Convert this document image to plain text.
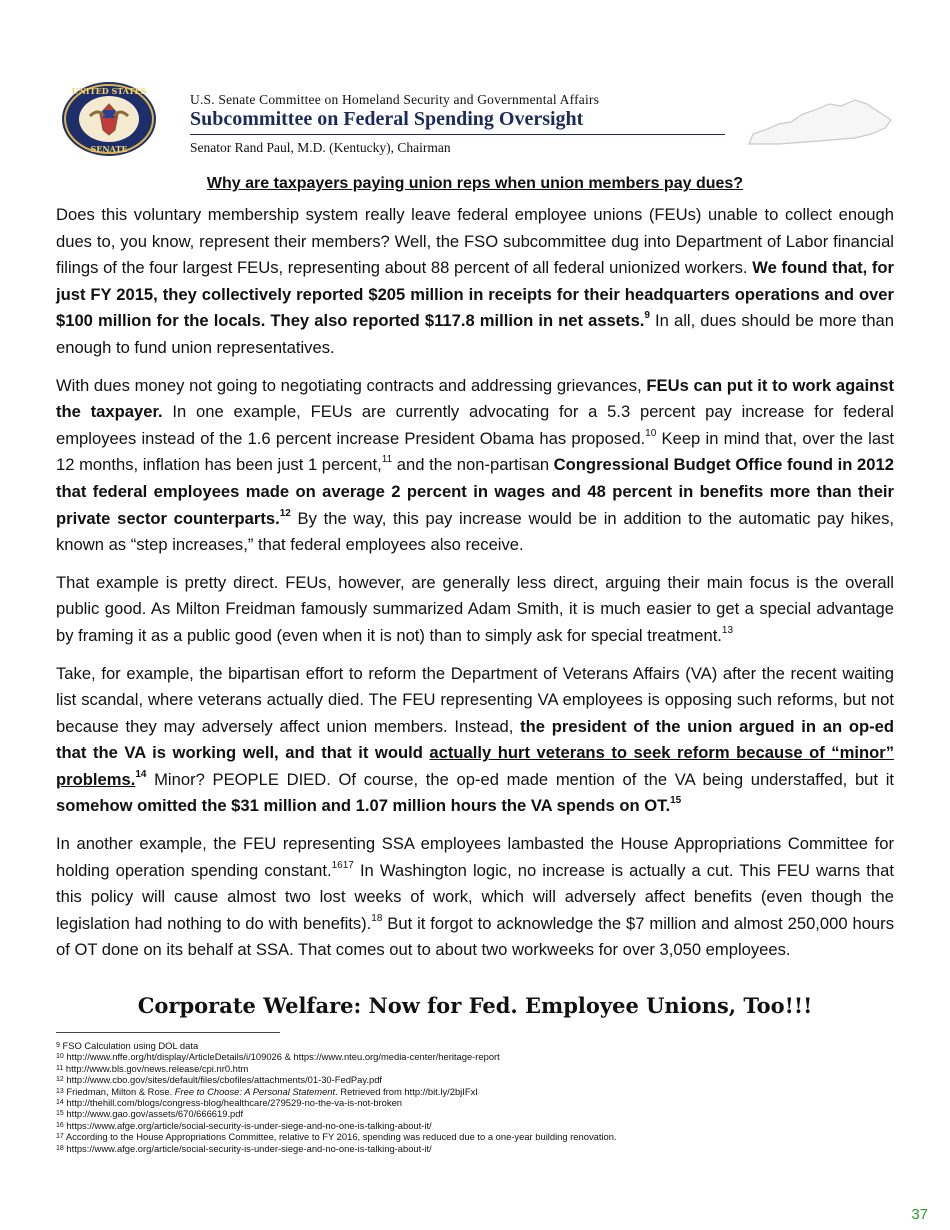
UNITED STATES
SENATE
U.S. Senate Committee on Homeland Security and Governmental Affairs
Subcommittee on Federal Spending Oversight
Senator Rand Paul, M.D. (Kentucky), Chairman
Why are taxpayers paying union reps when union members pay dues?

Does this voluntary membership system really leave federal employee unions (FEUs) unable to collect enough dues to, you know, represent their members? Well, the FSO subcommittee dug into Department of Labor financial filings of the four largest FEUs, representing about 88 percent of all federal unionized workers. We found that, for just FY 2015, they collectively reported $205 million in receipts for their headquarters operations and over $100 million for the locals. They also reported $117.8 million in net assets.$^9$ In all, dues should be more than enough to fund union representatives.

With dues money not going to negotiating contracts and addressing grievances, FEUs can put it to work against the taxpayer. In one example, FEUs are currently advocating for a 5.3 percent pay increase for federal employees instead of the 1.6 percent increase President Obama has proposed.$^{10}$ Keep in mind that, over the last 12 months, inflation has been just 1 percent,$^{11}$ and the non-partisan Congressional Budget Office found in 2012 that federal employees made on average 2 percent in wages and 48 percent in benefits more than their private sector counterparts.$^{12}$ By the way, this pay increase would be in addition to the automatic pay hikes, known as “step increases,” that federal employees also receive.

That example is pretty direct. FEUs, however, are generally less direct, arguing their main focus is the overall public good. As Milton Freidman famously summarized Adam Smith, it is much easier to get a special advantage by framing it as a public good (even when it is not) than to simply ask for special treatment.$^{13}$

Take, for example, the bipartisan effort to reform the Department of Veterans Affairs (VA) after the recent waiting list scandal, where veterans actually died. The FEU representing VA employees is opposing such reforms, but not because they may adversely affect union members. Instead, the president of the union argued in an op-ed that the VA is working well, and that it would actually hurt veterans to seek reform because of “minor” problems.$^{14}$ Minor? PEOPLE DIED. Of course, the op-ed made mention of the VA being understaffed, but it somehow omitted the $31 million and 1.07 million hours the VA spends on OT.$^{15}$

In another example, the FEU representing SSA employees lambasted the House Appropriations Committee for holding operation spending constant.$^{1617}$ In Washington logic, no increase is actually a cut. This FEU warns that this policy will cause almost two lost weeks of work, which will adversely affect benefits (even though the legislation had nothing to do with benefits).$^{18}$ But it forgot to acknowledge the $7 million and almost 250,000 hours of OT done on its behalf at SSA. That comes out to about two workweeks for over 3,050 employees.

Corporate Welfare: Now for Fed. Employee Unions, Too!!!
$^9$ FSO Calculation using DOL data
$^{10}$ http://www.nffe.org/ht/display/ArticleDetails/i/109026 & https://www.nteu.org/media-center/heritage-report
$^{11}$ http://www.bls.gov/news.release/cpi.nr0.htm
$^{12}$ http://www.cbo.gov/sites/default/files/cbofiles/attachments/01-30-FedPay.pdf
$^{13}$ Friedman, Milton & Rose. Free to Choose: A Personal Statement. Retrieved from http://bit.ly/2bjIFxI
$^{14}$ http://thehill.com/blogs/congress-blog/healthcare/279529-no-the-va-is-not-broken
$^{15}$ http://www.gao.gov/assets/670/666619.pdf
$^{16}$ https://www.afge.org/article/social-security-is-under-siege-and-no-one-is-talking-about-it/
$^{17}$ According to the House Appropriations Committee, relative to FY 2016, spending was reduced due to a one-year building renovation.
$^{18}$ https://www.afge.org/article/social-security-is-under-siege-and-no-one-is-talking-about-it/
37
